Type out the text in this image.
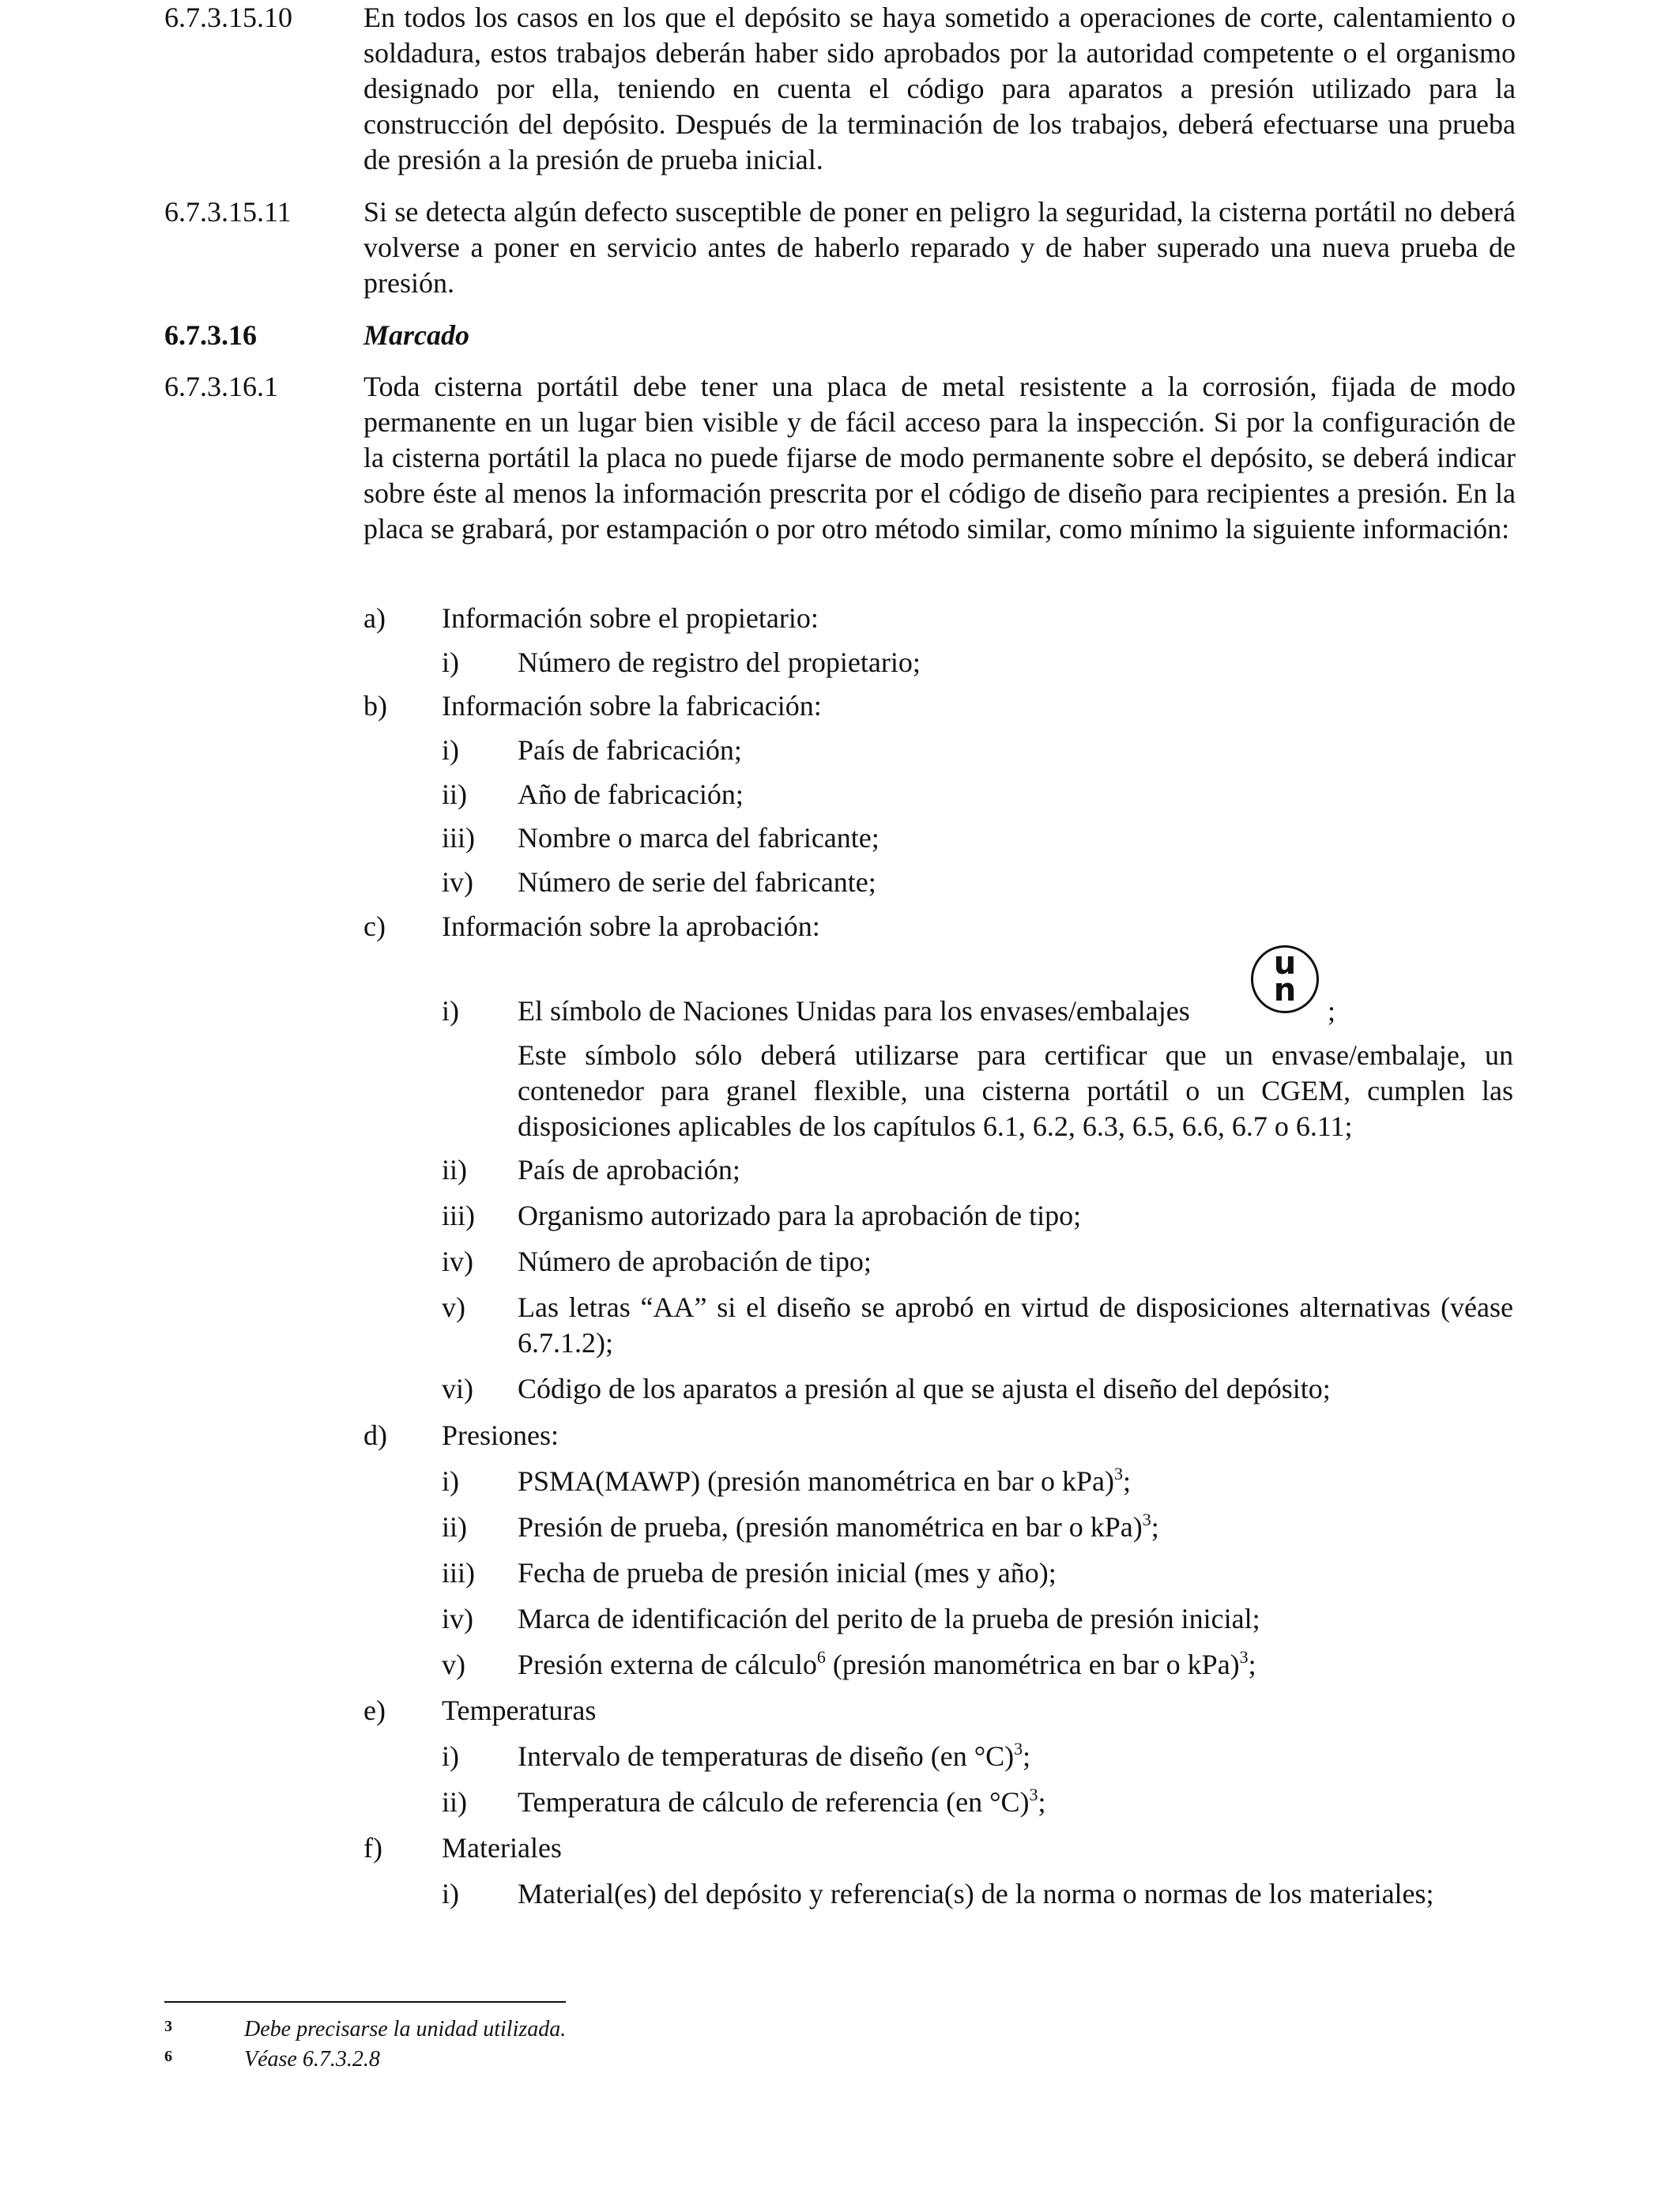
6.7.3.15.10	En todos los casos en los que el depósito se haya sometido a operaciones de corte, calentamiento o soldadura, estos trabajos deberán haber sido aprobados por la autoridad competente o el organismo designado por ella, teniendo en cuenta el código para aparatos a presión utilizado para la construcción del depósito. Después de la terminación de los trabajos, deberá efectuarse una prueba de presión a la presión de prueba inicial.
6.7.3.15.11	Si se detecta algún defecto susceptible de poner en peligro la seguridad, la cisterna portátil no deberá volverse a poner en servicio antes de haberlo reparado y de haber superado una nueva prueba de presión.
6.7.3.16	Marcado
6.7.3.16.1	Toda cisterna portátil debe tener una placa de metal resistente a la corrosión, fijada de modo permanente en un lugar bien visible y de fácil acceso para la inspección. Si por la configuración de la cisterna portátil la placa no puede fijarse de modo permanente sobre el depósito, se deberá indicar sobre éste al menos la información prescrita por el código de diseño para recipientes a presión. En la placa se grabará, por estampación o por otro método similar, como mínimo la siguiente información:
a) Información sobre el propietario:
i) Número de registro del propietario;
b) Información sobre la fabricación:
i) País de fabricación;
ii) Año de fabricación;
iii) Nombre o marca del fabricante;
iv) Número de serie del fabricante;
c) Información sobre la aprobación:
i) El símbolo de Naciones Unidas para los envases/embalajes
u
n
;
Este símbolo sólo deberá utilizarse para certificar que un envase/embalaje, un contenedor para granel flexible, una cisterna portátil o un CGEM, cumplen las disposiciones aplicables de los capítulos 6.1, 6.2, 6.3, 6.5, 6.6, 6.7 o 6.11;
ii) País de aprobación;
iii) Organismo autorizado para la aprobación de tipo;
iv) Número de aprobación de tipo;
v) Las letras “AA” si el diseño se aprobó en virtud de disposiciones alternativas (véase 6.7.1.2);
vi) Código de los aparatos a presión al que se ajusta el diseño del depósito;
d) Presiones:
i) PSMA(MAWP) (presión manométrica en bar o kPa)$^3$;
ii) Presión de prueba, (presión manométrica en bar o kPa)$^3$;
iii) Fecha de prueba de presión inicial (mes y año);
iv) Marca de identificación del perito de la prueba de presión inicial;
v) Presión externa de cálculo$^6$ (presión manométrica en bar o kPa)$^3$;
e) Temperaturas
i) Intervalo de temperaturas de diseño (en °C)$^3$;
ii) Temperatura de cálculo de referencia (en °C)$^3$;
f) Materiales
i) Material(es) del depósito y referencia(s) de la norma o normas de los materiales;
3	Debe precisarse la unidad utilizada.
6	Véase 6.7.3.2.8
